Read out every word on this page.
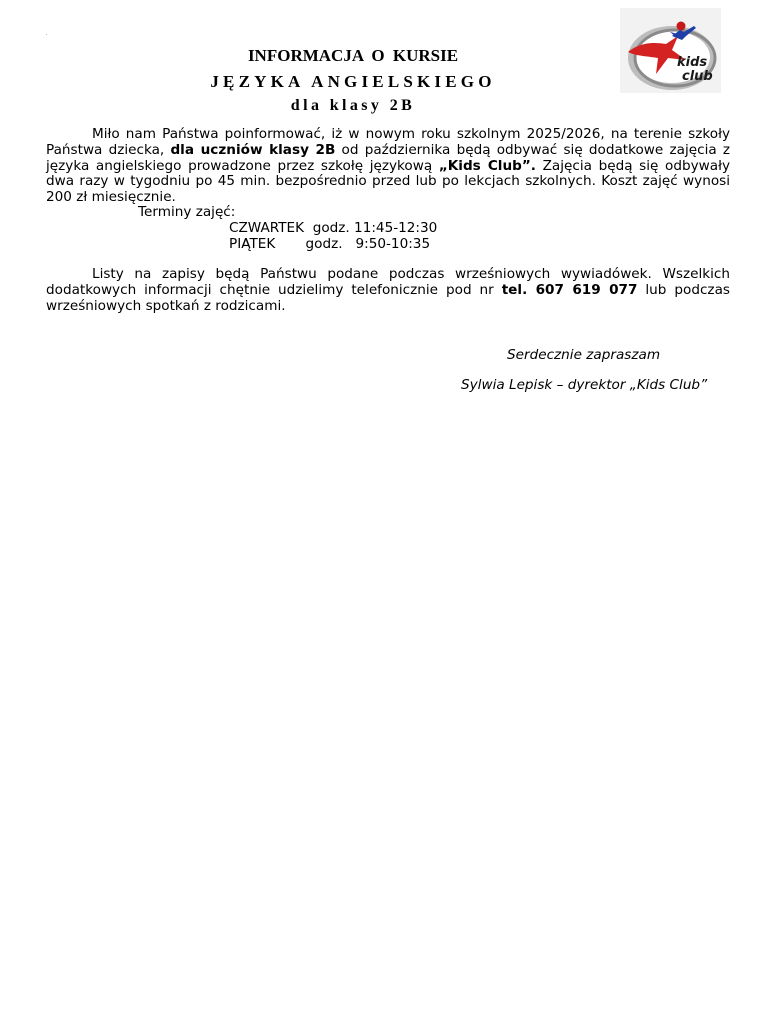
INFORMACJA O KURSIE
JĘZYKA ANGIELSKIEGO
dla klasy 2B
kids
club

Miło nam Państwa poinformować, iż w nowym roku szkolnym 2025/2026, na terenie szkoły Państwa dziecka, dla uczniów klasy 2B od października będą odbywać się dodatkowe zajęcia z języka angielskiego prowadzone przez szkołę językową „Kids Club”. Zajęcia będą się odbywały dwa razy w tygodniu po 45 min. bezpośrednio przed lub po lekcjach szkolnych. Koszt zajęć wynosi 200 zł miesięcznie.

Terminy zajęć:
CZWARTEK  godz. 11:45-12:30
PIĄTEK       godz.   9:50-10:35

Listy na zapisy będą Państwu podane podczas wrześniowych wywiadówek. Wszelkich dodatkowych informacji chętnie udzielimy telefonicznie pod nr tel. 607 619 077 lub podczas wrześniowych spotkań z rodzicami.

Serdecznie zapraszam
Sylwia Lepisk – dyrektor „Kids Club”
